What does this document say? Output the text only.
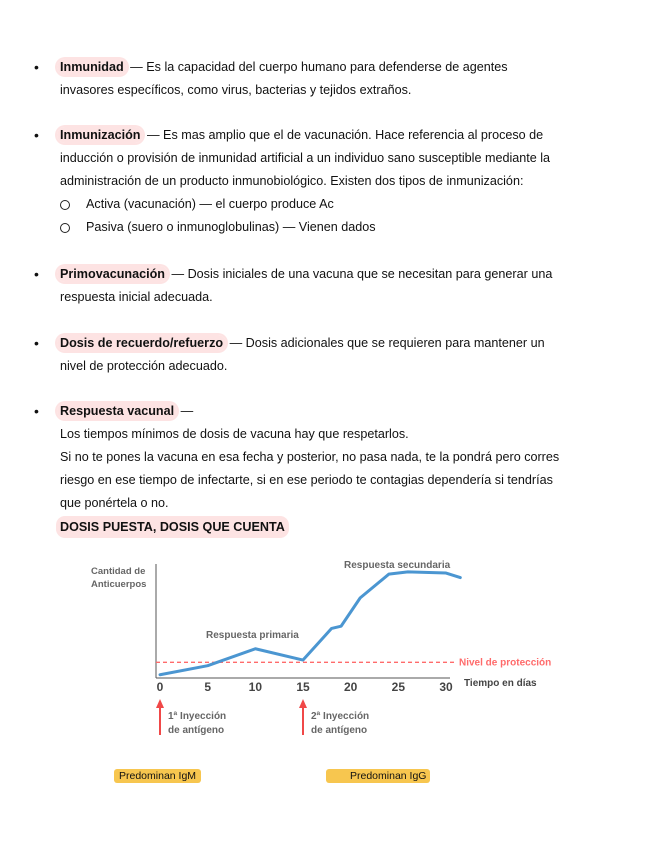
• Inmunidad — Es la capacidad del cuerpo humano para defenderse de agentes
invasores específicos, como virus, bacterias y tejidos extraños.
• Inmunización — Es mas amplio que el de vacunación. Hace referencia al proceso de
inducción o provisión de inmunidad artificial a un individuo sano susceptible mediante la
administración de un producto inmunobiológico. Existen dos tipos de inmunización:
Activa (vacunación) — el cuerpo produce Ac
Pasiva (suero o inmunoglobulinas) — Vienen dados
• Primovacunación — Dosis iniciales de una vacuna que se necesitan para generar una
respuesta inicial adecuada.
• Dosis de recuerdo/refuerzo — Dosis adicionales que se requieren para mantener un
nivel de protección adecuado.
• Respuesta vacunal —
Los tiempos mínimos de dosis de vacuna hay que respetarlos.
Si no te pones la vacuna en esa fecha y posterior, no pasa nada, te la pondrá pero corres
riesgo en ese tiempo de infectarte, si en ese periodo te contagias dependería si tendrías
que ponértela o no.
DOSIS PUESTA, DOSIS QUE CUENTA
Cantidad de
Anticuerpos
Nivel de protección
0	5	10	15	20	25	30 Tiempo en días
Respuesta primaria
Respuesta secundaria
1ª Inyección
de antígeno
2ª Inyección
de antígeno
Predominan IgM	Predominan IgG
